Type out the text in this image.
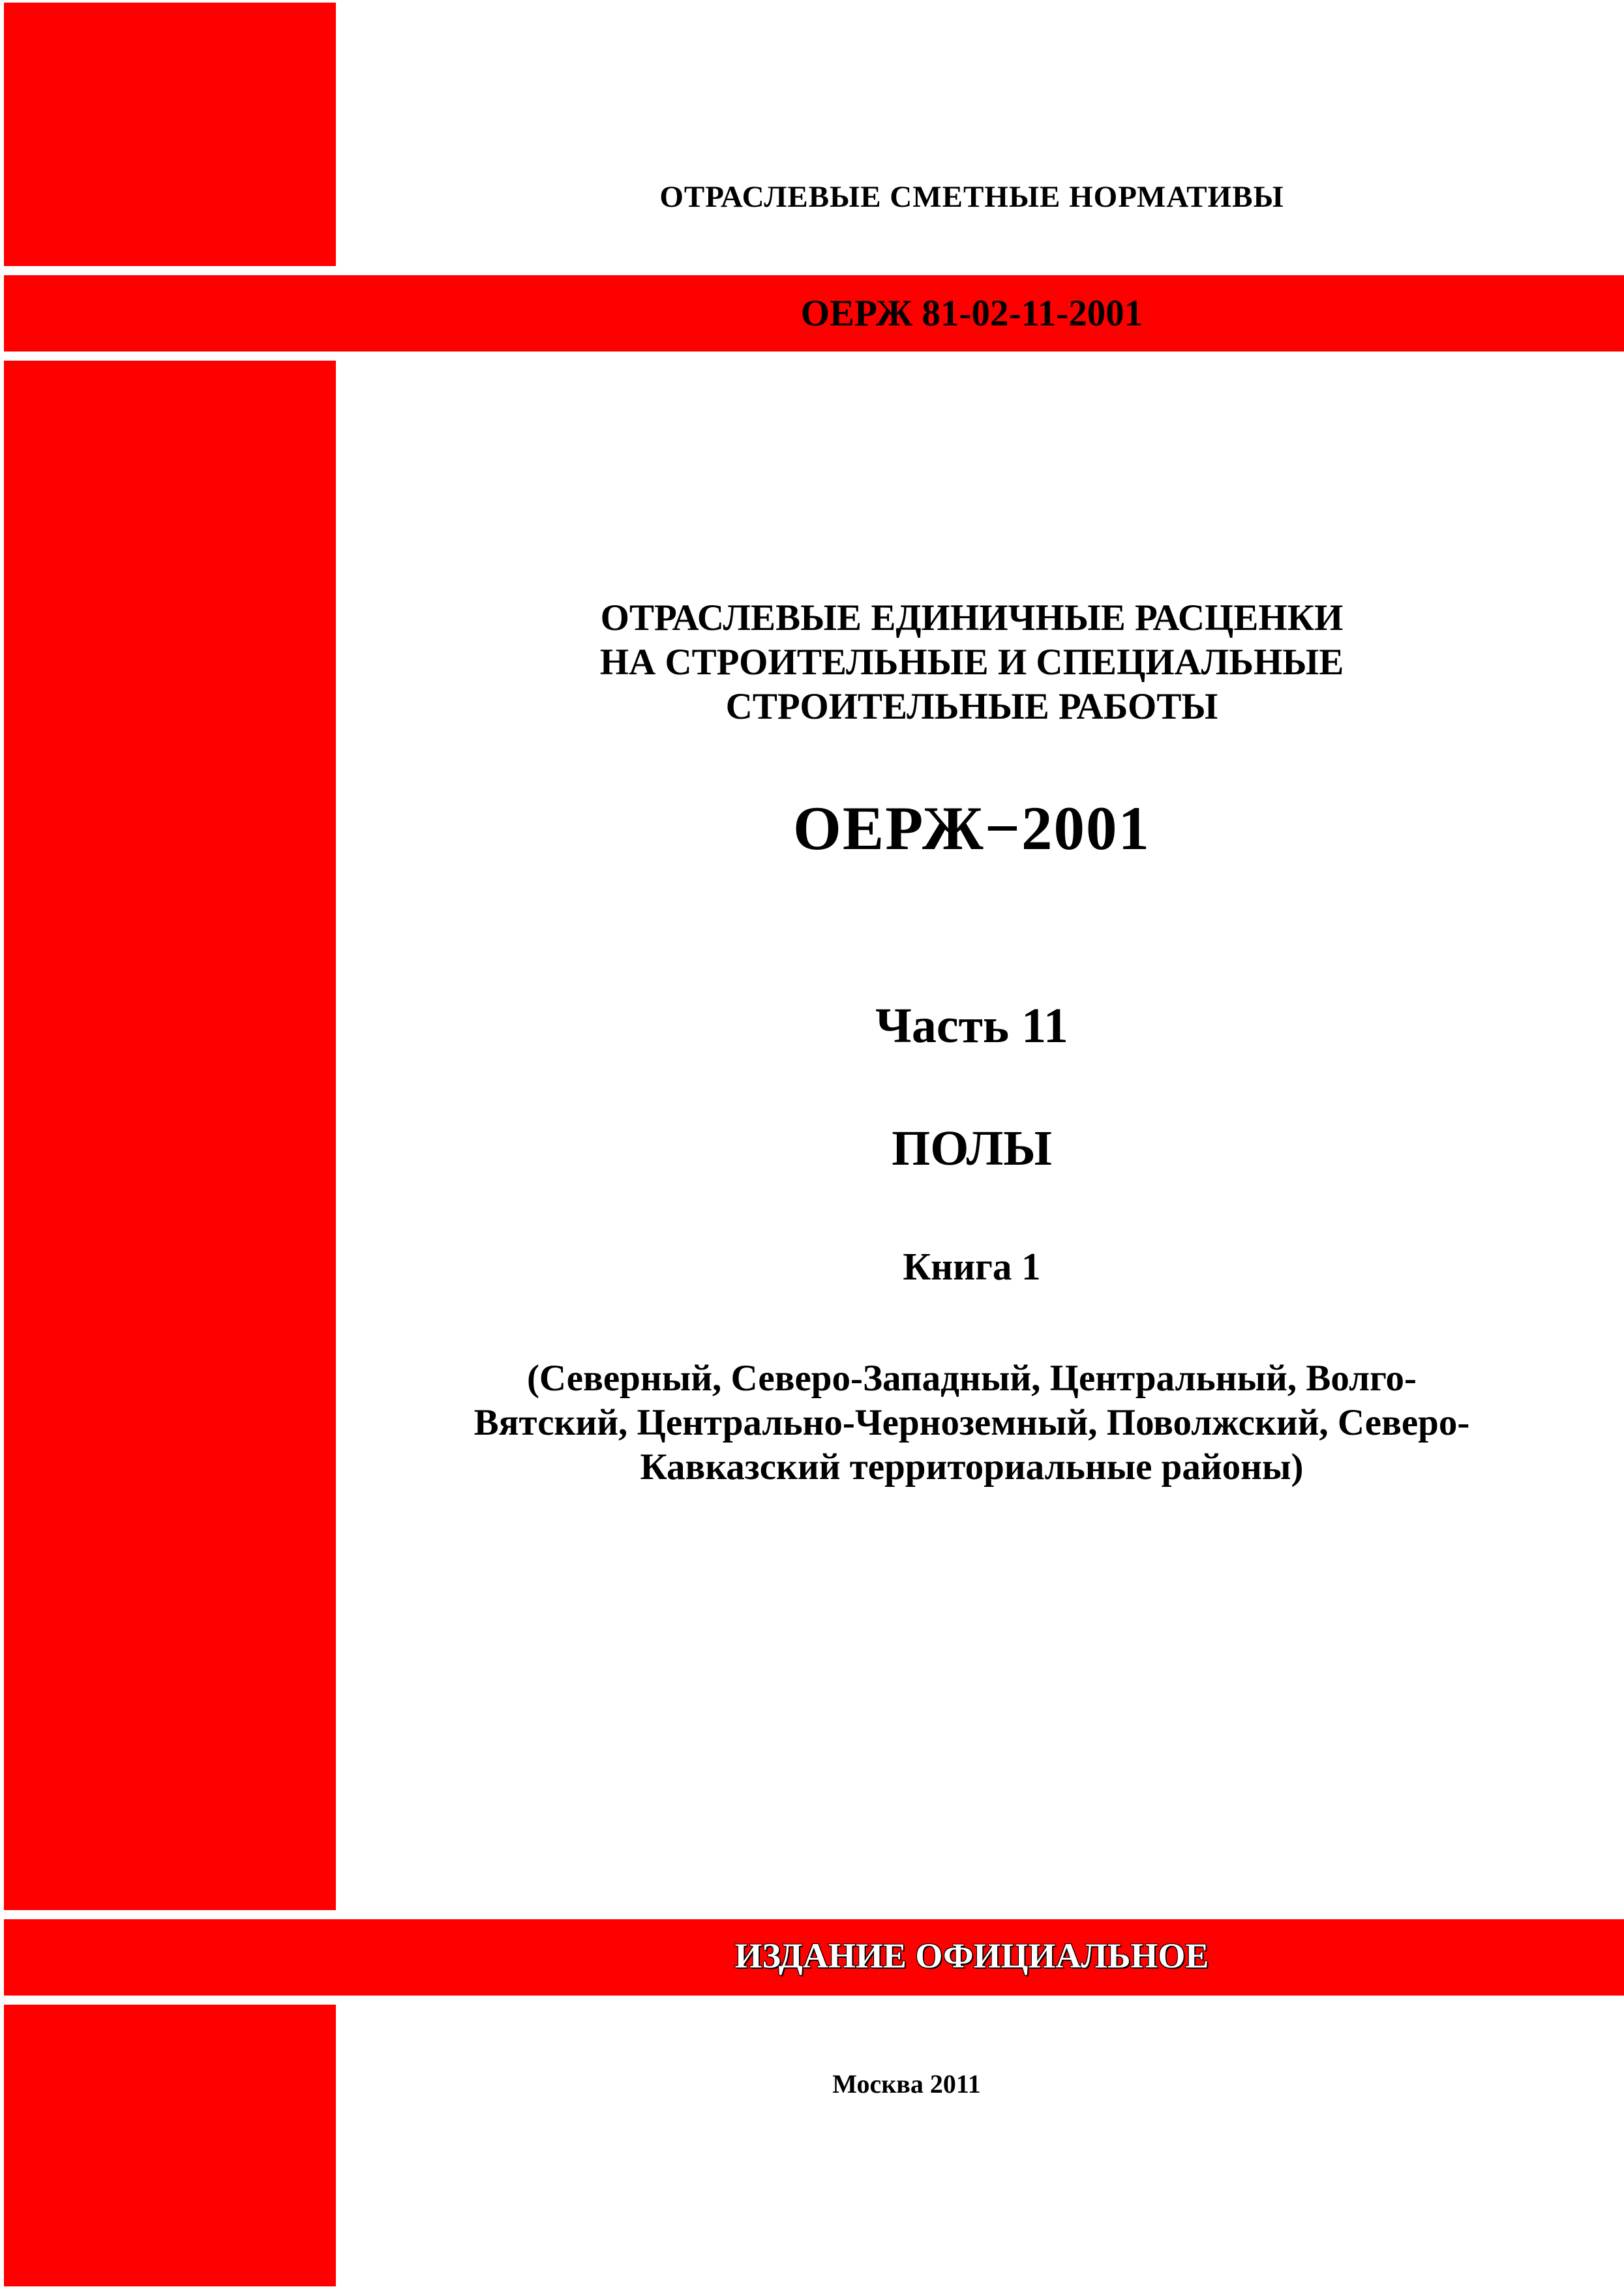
ОТРАСЛЕВЫЕ СМЕТНЫЕ НОРМАТИВЫ
ОЕРЖ 81-02-11-2001
ОТРАСЛЕВЫЕ ЕДИНИЧНЫЕ РАСЦЕНКИ
НА СТРОИТЕЛЬНЫЕ И СПЕЦИАЛЬНЫЕ
СТРОИТЕЛЬНЫЕ РАБОТЫ
ОЕРЖ−2001
Часть 11
ПОЛЫ
Книга 1
(Северный, Северо-Западный, Центральный, Волго-
Вятский, Центрально-Черноземный, Поволжский, Северо-
Кавказский территориальные районы)
ИЗДАНИЕ ОФИЦИАЛЬНОЕ
Москва 2011
